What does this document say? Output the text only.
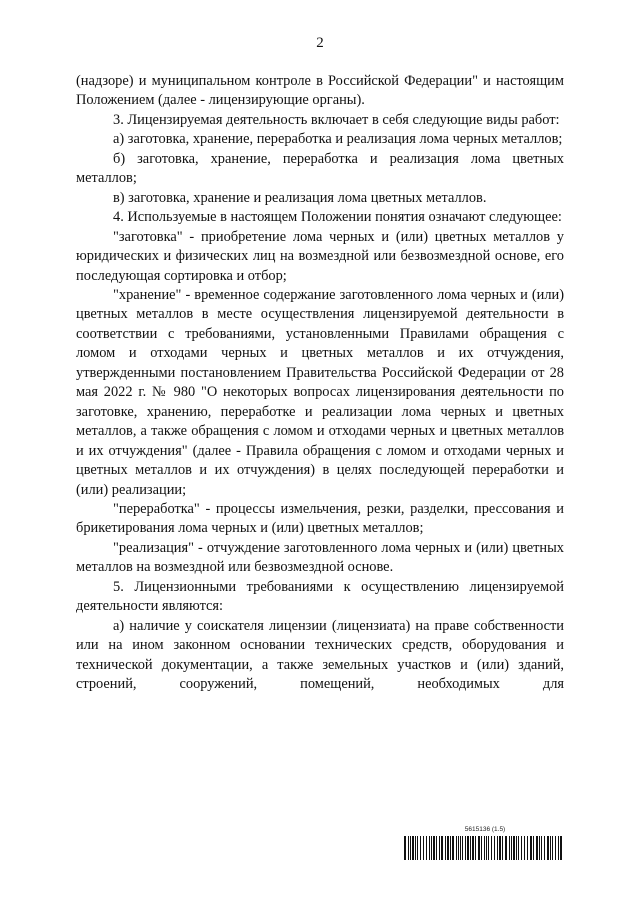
2

(надзоре) и муниципальном контроле в Российской Федерации" и настоящим Положением (далее - лицензирующие органы).

3. Лицензируемая деятельность включает в себя следующие виды работ:

а) заготовка, хранение, переработка и реализация лома черных металлов;

б) заготовка, хранение, переработка и реализация лома цветных металлов;

в) заготовка, хранение и реализация лома цветных металлов.

4. Используемые в настоящем Положении понятия означают следующее:

"заготовка" - приобретение лома черных и (или) цветных металлов у юридических и физических лиц на возмездной или безвозмездной основе, его последующая сортировка и отбор;

"хранение" - временное содержание заготовленного лома черных и (или) цветных металлов в месте осуществления лицензируемой деятельности в соответствии с требованиями, установленными Правилами обращения с ломом и отходами черных и цветных металлов и их отчуждения, утвержденными постановлением Правительства Российской Федерации от 28 мая 2022 г. № 980 "О некоторых вопросах лицензирования деятельности по заготовке, хранению, переработке и реализации лома черных и цветных металлов, а также обращения с ломом и отходами черных и цветных металлов и их отчуждения" (далее - Правила обращения с ломом и отходами черных и цветных металлов и их отчуждения) в целях последующей переработки и (или) реализации;

"переработка" - процессы измельчения, резки, разделки, прессования и брикетирования лома черных и (или) цветных металлов;

"реализация" - отчуждение заготовленного лома черных и (или) цветных металлов на возмездной или безвозмездной основе.

5. Лицензионными требованиями к осуществлению лицензируемой деятельности являются:

а) наличие у соискателя лицензии (лицензиата) на праве собственности или на ином законном основании технических средств, оборудования и технической документации, а также земельных участков и (или) зданий, строений, сооружений, помещений, необходимых для

5615136 (1.5)
